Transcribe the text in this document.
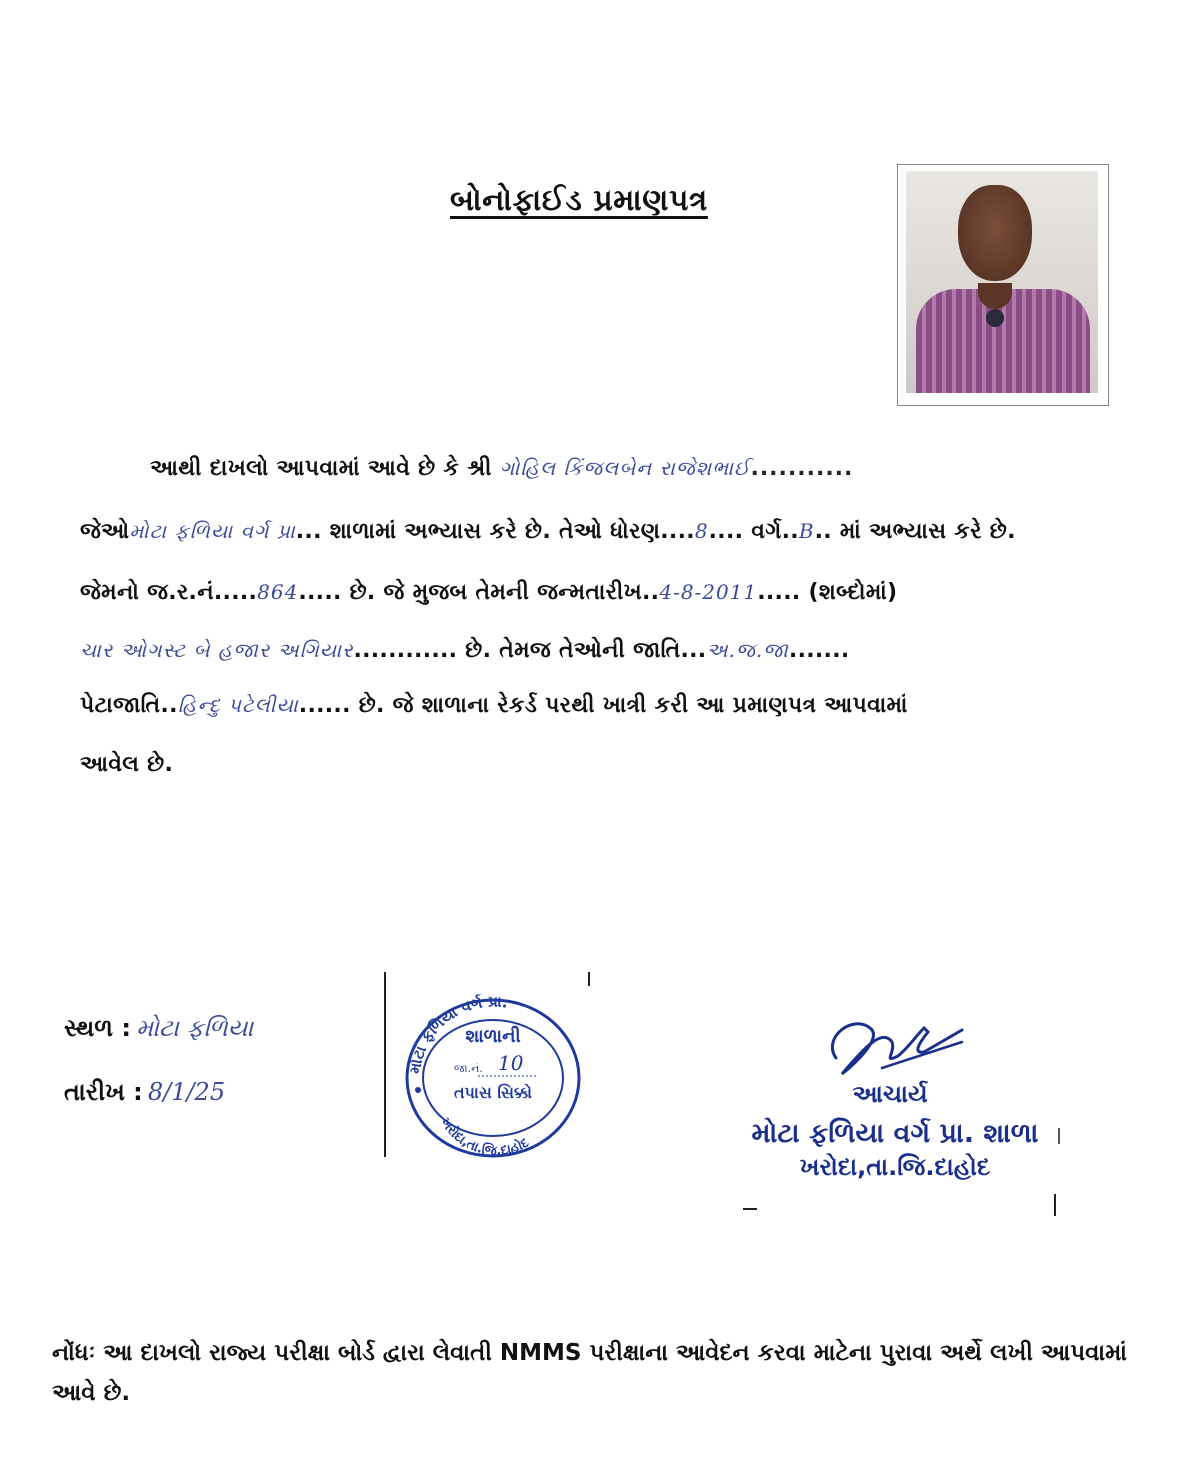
બોનોફાઈડ પ્રમાણપત્ર
આથી દાખલો આપવામાં આવે છે કે શ્રી ગોહિલ કિંજલબેન રાજેશભાઈ...........
જેઓમોટા ફળિયા વર્ગ પ્રા... શાળામાં અભ્યાસ કરે છે. તેઓ ધોરણ....8.... વર્ગ..B.. માં અભ્યાસ કરે છે.
જેમનો જ.ર.નં.....864..... છે. જે મુજબ તેમની જન્મતારીખ..4-8-2011..... (શબ્દોમાં)
ચાર ઓગસ્ટ બે હજાર અગિયાર............ છે. તેમજ તેઓની જાતિ...અ.જ.જા.......
પેટાજાતિ..હિન્દુ પટેલીયા...... છે. જે શાળાના રેકર્ડ પરથી ખાત્રી કરી આ પ્રમાણપત્ર આપવામાં
આવેલ છે.
સ્થળ : મોટા ફળિયા
તારીખ : 8/1/25
મોટા ફળિયા વર્ગ પ્રા.
ખરોદા,તા.જિ.દાહોદ
શાળાની
જા.નં. 10
તપાસ સિક્કો	આચાર્ય
મોટા ફળિયા વર્ગ પ્રા. શાળા
ખરોદા,તા.જિ.દાહોદ
નોંધઃ આ દાખલો રાજ્ય પરીક્ષા બોર્ડ દ્વારા લેવાતી NMMS પરીક્ષાના આવેદન કરવા માટેના પુરાવા અર્થે લખી આપવામાં આવે છે.
